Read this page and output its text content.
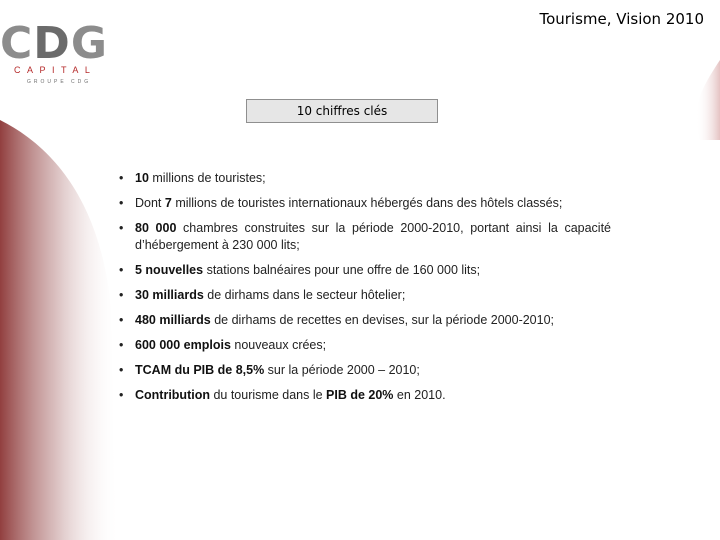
CDG
CAPITAL
GROUPE CDG
Tourisme, Vision 2010
10 chiffres clés
• 10 millions de touristes;
• Dont 7 millions de touristes internationaux hébergés dans des hôtels classés;
• 80 000 chambres construites sur la période 2000-2010, portant ainsi la capacité d’hébergement à 230 000 lits;
• 5 nouvelles stations balnéaires pour une offre de 160 000 lits;
• 30 milliards de dirhams dans le secteur hôtelier;
• 480 milliards de dirhams de recettes en devises, sur la période 2000-2010;
• 600 000 emplois nouveaux crées;
• TCAM du PIB de 8,5% sur la période 2000 – 2010;
• Contribution du tourisme dans le PIB de 20% en 2010.
